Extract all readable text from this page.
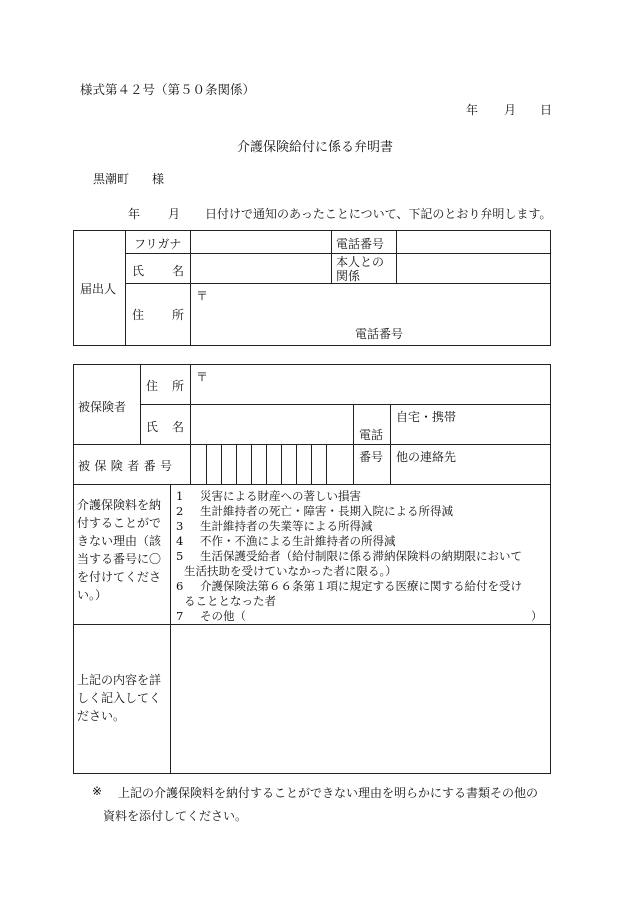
様式第４２号（第５０条関係）
年 月 日
介護保険給付に係る弁明書
黒潮町 様
年 月 日付けで通知のあったことについて、下記のとおり弁明します。
届出人
フリガナ
氏 名
電話番号
本人との
関係
住 所
〒
電話番号
被保険者
住 所
〒
氏 名
電話
番号
自宅・携帯
他の連絡先
被保険者番号
介護保険料を納付することができない理由（該当する番号に〇を付けてください。）
1 災害による財産への著しい損害
2 生計維持者の死亡・障害・長期入院による所得減
3 生計維持者の失業等による所得減
4 不作・不漁による生計維持者の所得減
5 生活保護受給者（給付制限に係る滞納保険料の納期限において
生活扶助を受けていなかった者に限る。）
6 介護保険法第６６条第１項に規定する医療に関する給付を受け
ることとなった者
7 その他（	）
上記の内容を詳しく記入してください。
※ 上記の介護保険料を納付することができない理由を明らかにする書類その他の
資料を添付してください。
